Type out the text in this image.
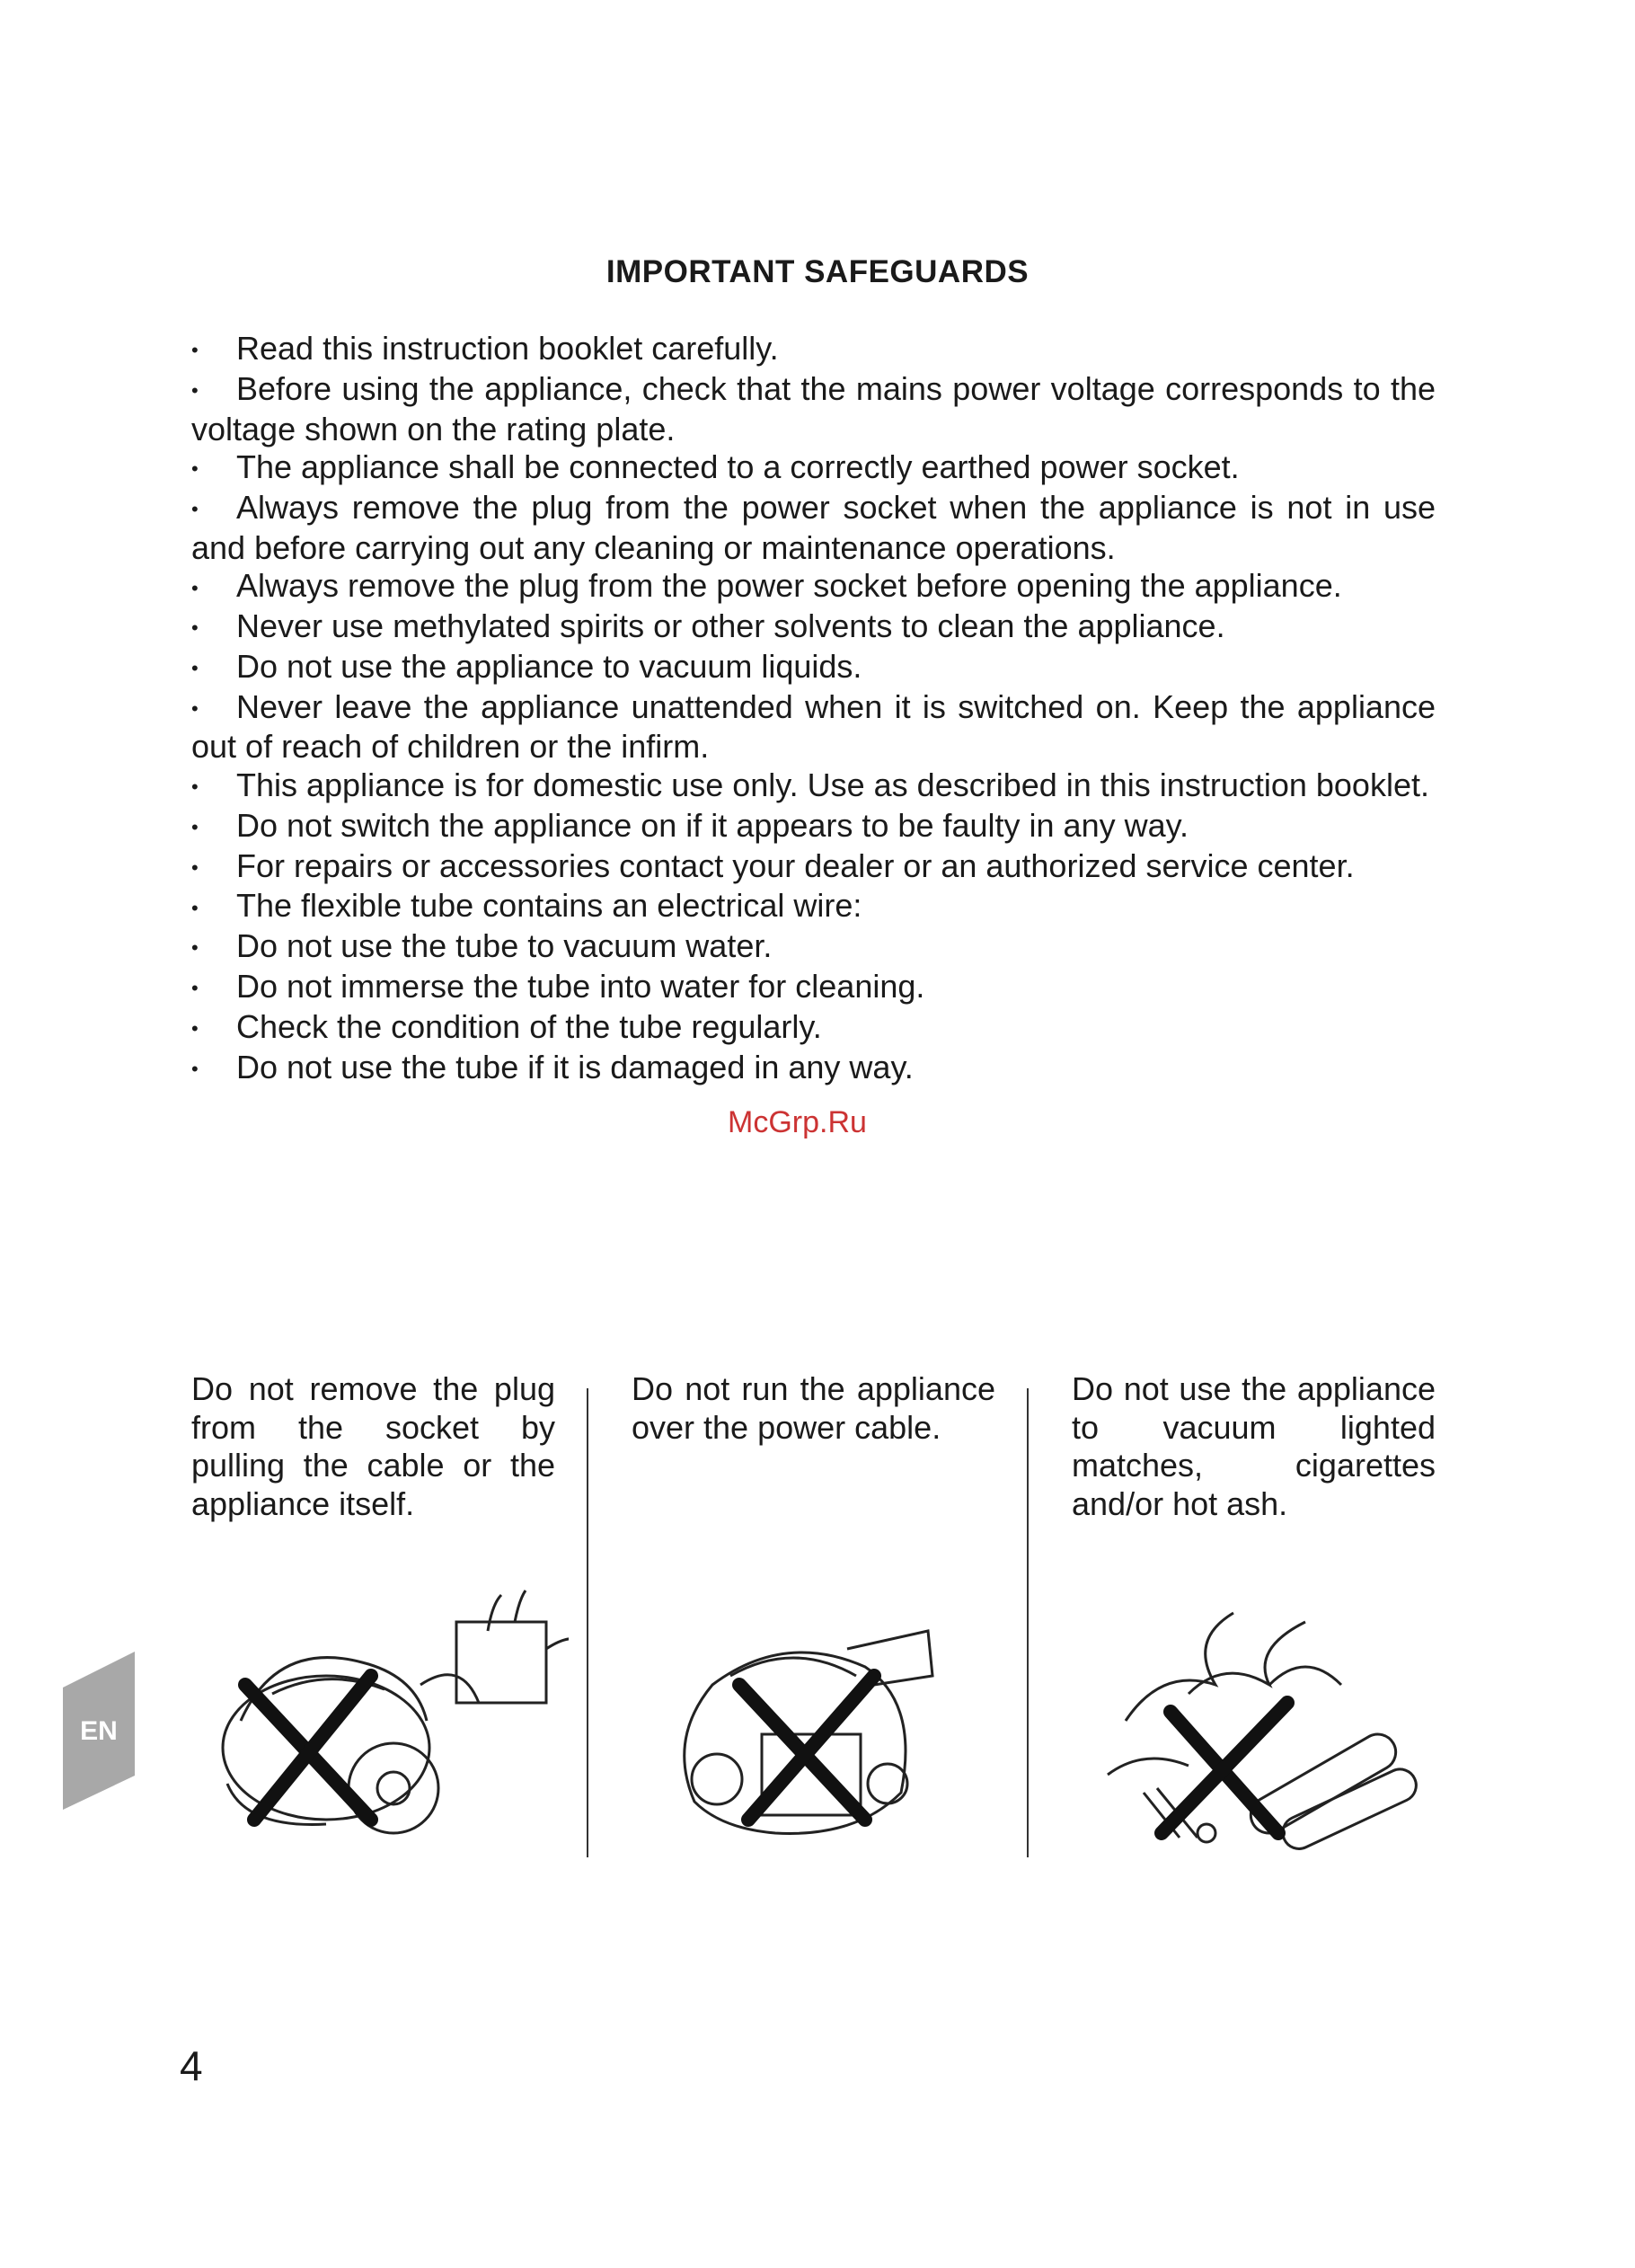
IMPORTANT SAFEGUARDS
• Read this instruction booklet carefully.
• Before using the appliance, check that the mains power voltage corresponds to the voltage shown on the rating plate.
• The appliance shall be connected to a correctly earthed power socket.
• Always remove the plug from the power socket when the appliance is not in use and before carrying out any cleaning or maintenance operations.
• Always remove the plug from the power socket before opening the appliance.
• Never use methylated spirits or other solvents to clean the appliance.
• Do not use the appliance to vacuum liquids.
• Never leave the appliance unattended when it is switched on. Keep the appliance out of reach of children or the infirm.
• This appliance is for domestic use only. Use as described in this instruction booklet.
• Do not switch the appliance on if it appears to be faulty in any way.
• For repairs or accessories contact your dealer or an authorized service center.
• The flexible tube contains an electrical wire:
• Do not use the tube to vacuum water.
• Do not immerse the tube into water for cleaning.
• Check the condition of the tube regularly.
• Do not use the tube if it is damaged in any way.
McGrp.Ru

Do not remove the plug from the socket by pulling the cable or the appliance itself.

Do not run the appliance over the power cable.

Do not use the appliance to vacuum lighted matches, cigarettes and/or hot ash.

EN
4
